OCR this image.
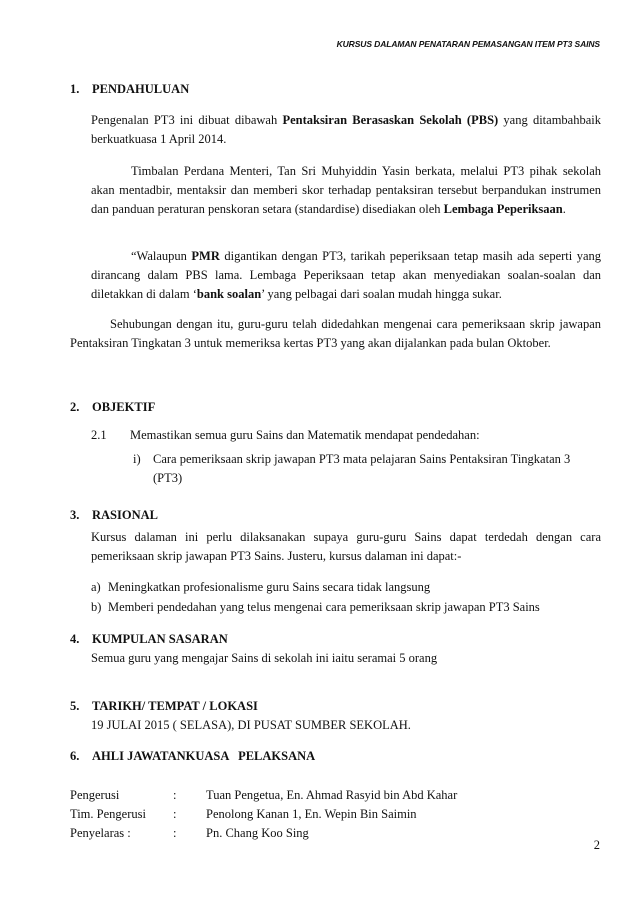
KURSUS DALAMAN PENATARAN PEMASANGAN ITEM PT3 SAINS
1. PENDAHULUAN
Pengenalan PT3 ini dibuat dibawah Pentaksiran Berasaskan Sekolah (PBS) yang ditambahbaik berkuatkuasa 1 April 2014.
Timbalan Perdana Menteri, Tan Sri Muhyiddin Yasin berkata, melalui PT3 pihak sekolah akan mentadbir, mentaksir dan memberi skor terhadap pentaksiran tersebut berpandukan instrumen dan panduan peraturan penskoran setara (standardise) disediakan oleh Lembaga Peperiksaan.
“Walaupun PMR digantikan dengan PT3, tarikah peperiksaan tetap masih ada seperti yang dirancang dalam PBS lama. Lembaga Peperiksaan tetap akan menyediakan soalan-soalan dan diletakkan di dalam ‘bank soalan’ yang pelbagai dari soalan mudah hingga sukar.
Sehubungan dengan itu, guru-guru telah didedahkan mengenai cara pemeriksaan skrip jawapan Pentaksiran Tingkatan 3 untuk memeriksa kertas PT3 yang akan dijalankan pada bulan Oktober.
2. OBJEKTIF
2.1 Memastikan semua guru Sains dan Matematik mendapat pendedahan:
i) Cara pemeriksaan skrip jawapan PT3 mata pelajaran Sains Pentaksiran Tingkatan 3 (PT3)
3. RASIONAL
Kursus dalaman ini perlu dilaksanakan supaya guru-guru Sains dapat terdedah dengan cara pemeriksaan skrip jawapan PT3 Sains. Justeru, kursus dalaman ini dapat:-
a) Meningkatkan profesionalisme guru Sains secara tidak langsung
b) Memberi pendedahan yang telus mengenai cara pemeriksaan skrip jawapan PT3 Sains
4. KUMPULAN SASARAN
Semua guru yang mengajar Sains di sekolah ini iaitu seramai 5 orang
5. TARIKH/ TEMPAT / LOKASI
19 JULAI 2015 ( SELASA), DI PUSAT SUMBER SEKOLAH.
6. AHLI JAWATANKUASA   PELAKSANA
Pengerusi	: Tuan Pengetua, En. Ahmad Rasyid bin Abd Kahar
Tim. Pengerusi : Penolong Kanan 1, En. Wepin Bin Saimin
Penyelaras :	: Pn. Chang Koo Sing
2
